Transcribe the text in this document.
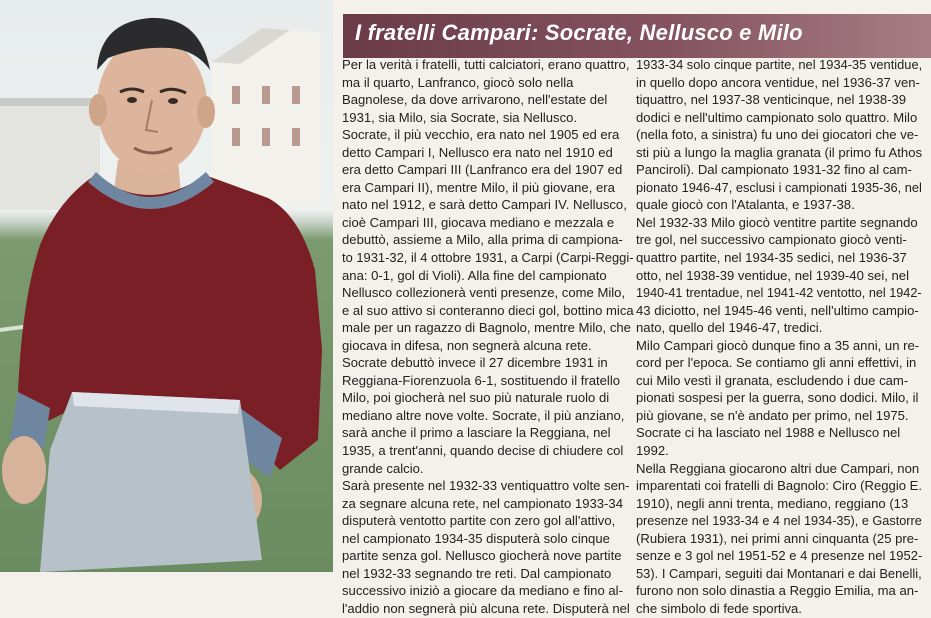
I fratelli Campari: Socrate, Nellusco e Milo
Per la verità i fratelli, tutti calciatori, erano quattro,
ma il quarto, Lanfranco, giocò solo nella
Bagnolese, da dove arrivarono, nell'estate del
1931, sia Milo, sia Socrate, sia Nellusco.
Socrate, il più vecchio, era nato nel 1905 ed era
detto Campari I, Nellusco era nato nel 1910 ed
era detto Campari III (Lanfranco era del 1907 ed
era Campari II), mentre Milo, il più giovane, era
nato nel 1912, e sarà detto Campari IV. Nellusco,
cioè Campari III, giocava mediano e mezzala e
debuttò, assieme a Milo, alla prima di campiona-
to 1931-32, il 4 ottobre 1931, a Carpi (Carpi-Reggi-
ana: 0-1, gol di Violi). Alla fine del campionato
Nellusco collezionerà venti presenze, come Milo,
e al suo attivo si conteranno dieci gol, bottino mica
male per un ragazzo di Bagnolo, mentre Milo, che
giocava in difesa, non segnerà alcuna rete.
Socrate debuttò invece il 27 dicembre 1931 in
Reggiana-Fiorenzuola 6-1, sostituendo il fratello
Milo, poi giocherà nel suo più naturale ruolo di
mediano altre nove volte. Socrate, il più anziano,
sarà anche il primo a lasciare la Reggiana, nel
1935, a trent'anni, quando decise di chiudere col
grande calcio.
Sarà presente nel 1932-33 ventiquattro volte sen-
za segnare alcuna rete, nel campionato 1933-34
disputerà ventotto partite con zero gol all'attivo,
nel campionato 1934-35 disputerà solo cinque
partite senza gol. Nellusco giocherà nove partite
nel 1932-33 segnando tre reti. Dal campionato
successivo iniziò a giocare da mediano e fino al-
l'addio non segnerà più alcuna rete. Disputerà nel
1933-34 solo cinque partite, nel 1934-35 ventidue,
in quello dopo ancora ventidue, nel 1936-37 ven-
tiquattro, nel 1937-38 venticinque, nel 1938-39
dodici e nell'ultimo campionato solo quattro. Milo
(nella foto, a sinistra) fu uno dei giocatori che ve-
sti più a lungo la maglia granata (il primo fu Athos
Panciroli). Dal campionato 1931-32 fino al cam-
pionato 1946-47, esclusi i campionati 1935-36, nel
quale giocò con l'Atalanta, e 1937-38.
Nel 1932-33 Milo giocò ventitre partite segnando
tre gol, nel successivo campionato giocò venti-
quattro partite, nel 1934-35 sedici, nel 1936-37
otto, nel 1938-39 ventidue, nel 1939-40 sei, nel
1940-41 trentadue, nel 1941-42 ventotto, nel 1942-
43 diciotto, nel 1945-46 venti, nell'ultimo campio-
nato, quello del 1946-47, tredici.
Milo Campari giocò dunque fino a 35 anni, un re-
cord per l'epoca. Se contiamo gli anni effettivi, in
cui Milo vestì il granata, escludendo i due cam-
pionati sospesi per la guerra, sono dodici. Milo, il
più giovane, se n'è andato per primo, nel 1975.
Socrate ci ha lasciato nel 1988 e Nellusco nel
1992.
Nella Reggiana giocarono altri due Campari, non
imparentati coi fratelli di Bagnolo: Ciro (Reggio E.
1910), negli anni trenta, mediano, reggiano (13
presenze nel 1933-34 e 4 nel 1934-35), e Gastorre
(Rubiera 1931), nei primi anni cinquanta (25 pre-
senze e 3 gol nel 1951-52 e 4 presenze nel 1952-
53). I Campari, seguiti dai Montanari e dai Benelli,
furono non solo dinastia a Reggio Emilia, ma an-
che simbolo di fede sportiva.
